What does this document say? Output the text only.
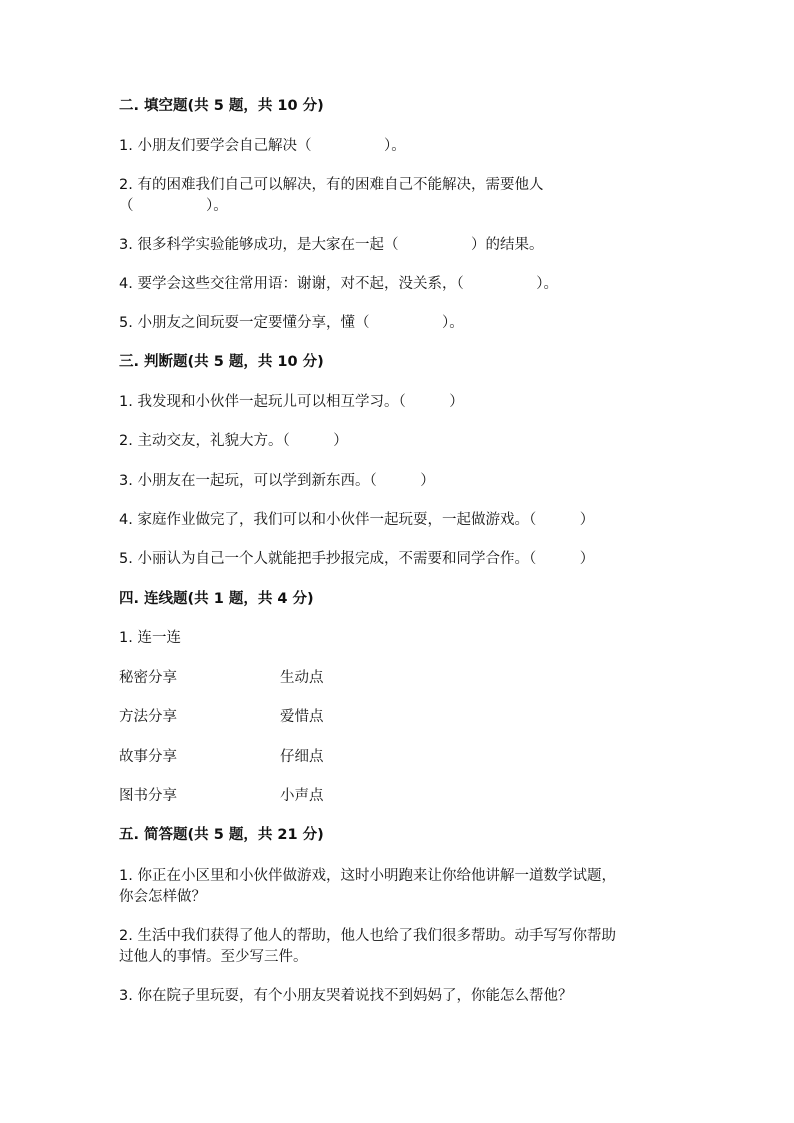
二. 填空题(共 5 题，共 10 分)
1. 小朋友们要学会自己解决（　　　　　）。
2. 有的困难我们自己可以解决，有的困难自己不能解决，需要他人
（　　　　　）。
3. 很多科学实验能够成功，是大家在一起（　　　　　）的结果。
4. 要学会这些交往常用语：谢谢，对不起，没关系，（　　　　　）。
5. 小朋友之间玩耍一定要懂分享，懂（　　　　　）。
三. 判断题(共 5 题，共 10 分)
1. 我发现和小伙伴一起玩儿可以相互学习。（　　　）
2. 主动交友，礼貌大方。（　　　）
3. 小朋友在一起玩，可以学到新东西。（　　　）
4. 家庭作业做完了，我们可以和小伙伴一起玩耍，一起做游戏。（　　　）
5. 小丽认为自己一个人就能把手抄报完成，不需要和同学合作。（　　　）
四. 连线题(共 1 题，共 4 分)
1. 连一连
秘密分享	生动点
方法分享	爱惜点
故事分享	仔细点
图书分享	小声点
五. 简答题(共 5 题，共 21 分)
1. 你正在小区里和小伙伴做游戏，这时小明跑来让你给他讲解一道数学试题，
你会怎样做？
2. 生活中我们获得了他人的帮助，他人也给了我们很多帮助。动手写写你帮助
过他人的事情。至少写三件。
3. 你在院子里玩耍，有个小朋友哭着说找不到妈妈了，你能怎么帮他？
